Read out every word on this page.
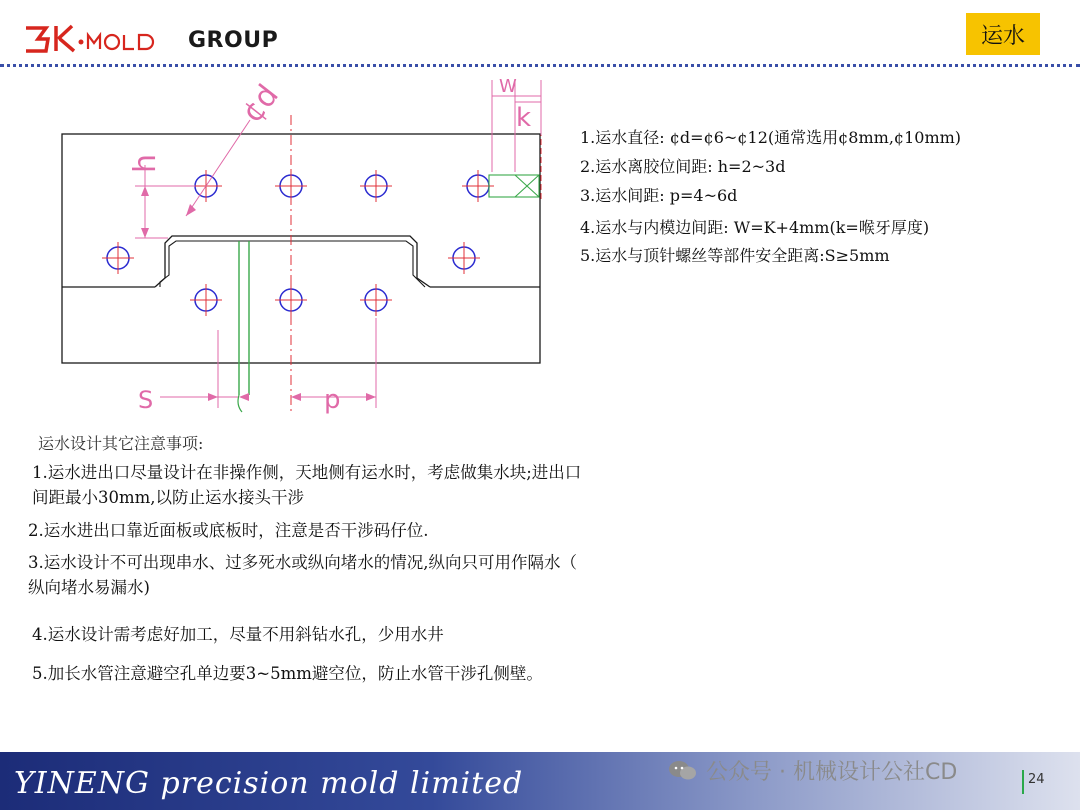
GROUP	运水
¢d
h
W
k
S	p
1.运水直径: ¢d=¢6~¢12(通常选用¢8mm,¢10mm)
2.运水离胶位间距: h=2~3d
3.运水间距: p=4~6d
4.运水与内模边间距: W=K+4mm(k=喉牙厚度)
5.运水与顶针螺丝等部件安全距离:S≥5mm
运水设计其它注意事项:
1.运水进出口尽量设计在非操作侧，天地侧有运水时，考虑做集水块;进出口
间距最小30mm,以防止运水接头干涉
2.运水进出口靠近面板或底板时，注意是否干涉码仔位.
3.运水设计不可出现串水、过多死水或纵向堵水的情况,纵向只可用作隔水（
纵向堵水易漏水)
4.运水设计需考虑好加工，尽量不用斜钻水孔，少用水井
5.加长水管注意避空孔单边要3~5mm避空位，防止水管干涉孔侧壁。
YINENG precision mold limited	公众号 · 机械设计公社CD	24
